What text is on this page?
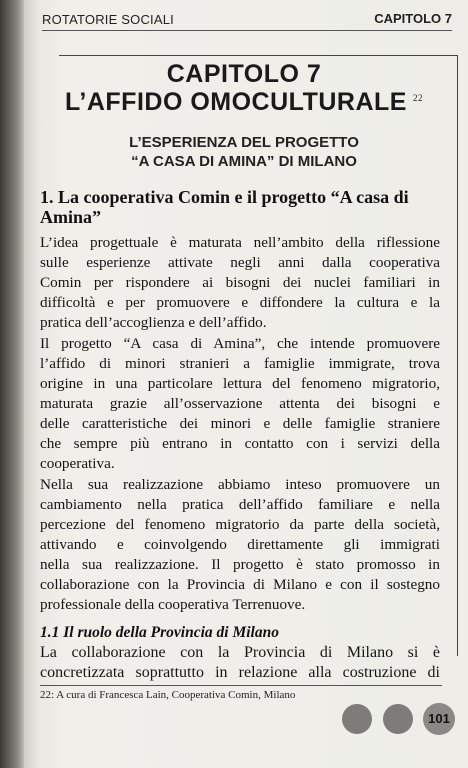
ROTATORIE SOCIALI	CAPITOLO 7
CAPITOLO 7
L’AFFIDO OMOCULTURALE $^{22}$
L’ESPERIENZA DEL PROGETTO
“A CASA DI AMINA” DI MILANO
1. La cooperativa Comin e il progetto “A casa di Amina”
L’idea progettuale è maturata nell’ambito della riflessione
sulle esperienze attivate negli anni dalla cooperativa
Comin per rispondere ai bisogni dei nuclei familiari in
difficoltà e per promuovere e diffondere la cultura e la
pratica dell’accoglienza e dell’affido.
Il progetto “A casa di Amina”, che intende promuovere
l’affido di minori stranieri a famiglie immigrate, trova
origine in una particolare lettura del fenomeno migratorio,
maturata grazie all’osservazione attenta dei bisogni e
delle caratteristiche dei minori e delle famiglie straniere
che sempre più entrano in contatto con i servizi della
cooperativa.
Nella sua realizzazione abbiamo inteso promuovere un
cambiamento nella pratica dell’affido familiare e nella
percezione del fenomeno migratorio da parte della società,
attivando e coinvolgendo direttamente gli immigrati
nella sua realizzazione. Il progetto è stato promosso in
collaborazione con la Provincia di Milano e con il sostegno
professionale della cooperativa Terrenuove.
1.1 Il ruolo della Provincia di Milano
La collaborazione con la Provincia di Milano si è
concretizzata soprattutto in relazione alla costruzione di
22: A cura di Francesca Lain, Cooperativa Comin, Milano
101
